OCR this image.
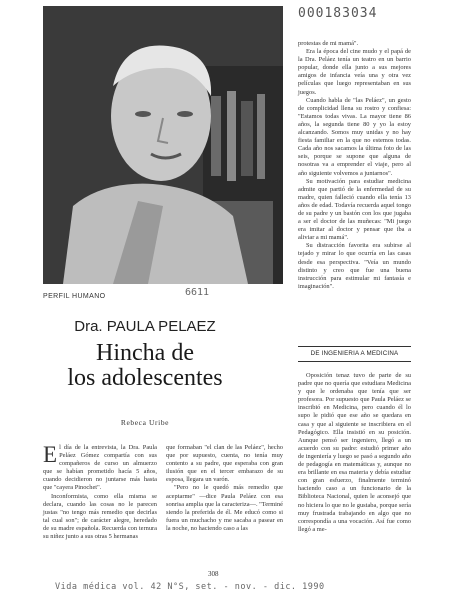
000183034

protestas de mi mamá".

Era la época del cine mudo y el papá de la Dra. Peláez tenía un teatro en un barrio popular, donde ella junto a sus mejores amigos de infancia veía una y otra vez películas que luego representaban en sus juegos.

Cuando habla de "las Peláez", un gesto de complicidad llena su rostro y confiesa: "Estamos todas vivas. La mayor tiene 86 años, la segunda tiene 80 y yo la estoy alcanzando. Somos muy unidas y no hay fiesta familiar en la que no estemos todas. Cada año nos sacamos la última foto de las seis, porque se supone que alguna de nosotras va a emprender el viaje, pero al año siguiente volvemos a juntarnos".

Su motivación para estudiar medicina admite que partió de la enfermedad de su madre, quien falleció cuando ella tenía 13 años de edad. Todavía recuerda aquel tongo de su padre y un bastón con los que jugaba a ser el doctor de las muñecas: "Mi juego era imitar al doctor y pensar que iba a aliviar a mi mamá".

Su distracción favorita era subirse al tejado y mirar lo que ocurría en las casas desde esa perspectiva. "Veía un mundo distinto y creo que fue una buena instrucción para estimular mi fantasía e imaginación".

PERFIL HUMANO	6611
Dra. PAULA PELAEZ
Hincha de
los adolescentes
Rebeca Uribe
DE INGENIERIA A MEDICINA

Oposición tenaz tuvo de parte de su padre que no quería que estudiara Medicina y que le ordenaba que tenía que ser profesora. Por supuesto que Paula Peláez se inscribió en Medicina, pero cuando él lo supo le pidió que ese año se quedara en casa y que al siguiente se inscribiera en el Pedagógico. Ella insistió en su posición. Aunque pensó ser ingeniero, llegó a un acuerdo con su padre: estudió primer año de ingeniería y luego se pasó a segundo año de pedagogía en matemáticas y, aunque no era brillante en esa materia y debía estudiar con gran esfuerzo, finalmente terminó haciendo caso a un funcionario de la Biblioteca Nacional, quien le aconsejó que no hiciera lo que no le gustaba, porque sería muy frustrada trabajando en algo que no correspondía a una vocación. Así fue como llegó a me-

El día de la entrevista, la Dra. Paula Peláez Gómez compartía con sus compañeros de curso un almuerzo que se habían prometido hacía 5 años, cuando decidieron no juntarse más hasta que "cayera Pinochet".

Inconformista, como ella misma se declara, cuando las cosas no le parecen justas "no tengo más remedio que decirlas tal cual son"; de carácter alegre, heredado de su madre española. Recuerda con ternura su niñez junto a sus otras 5 hermanas

que formaban "el clan de las Peláez", hecho que por supuesto, cuenta, no tenía muy contento a su padre, que esperaba con gran ilusión que en el tercer embarazo de su esposa, llegara un varón.

"Pero no le quedó más remedio que aceptarme" —dice Paula Peláez con esa sonrisa amplia que la caracteriza—. "Terminé siendo la preferida de él. Me educó como si fuera un muchacho y me sacaba a pasear en la noche, no haciendo caso a las

308
Vida médica vol. 42 N°S, set. - nov. - dic. 1990
